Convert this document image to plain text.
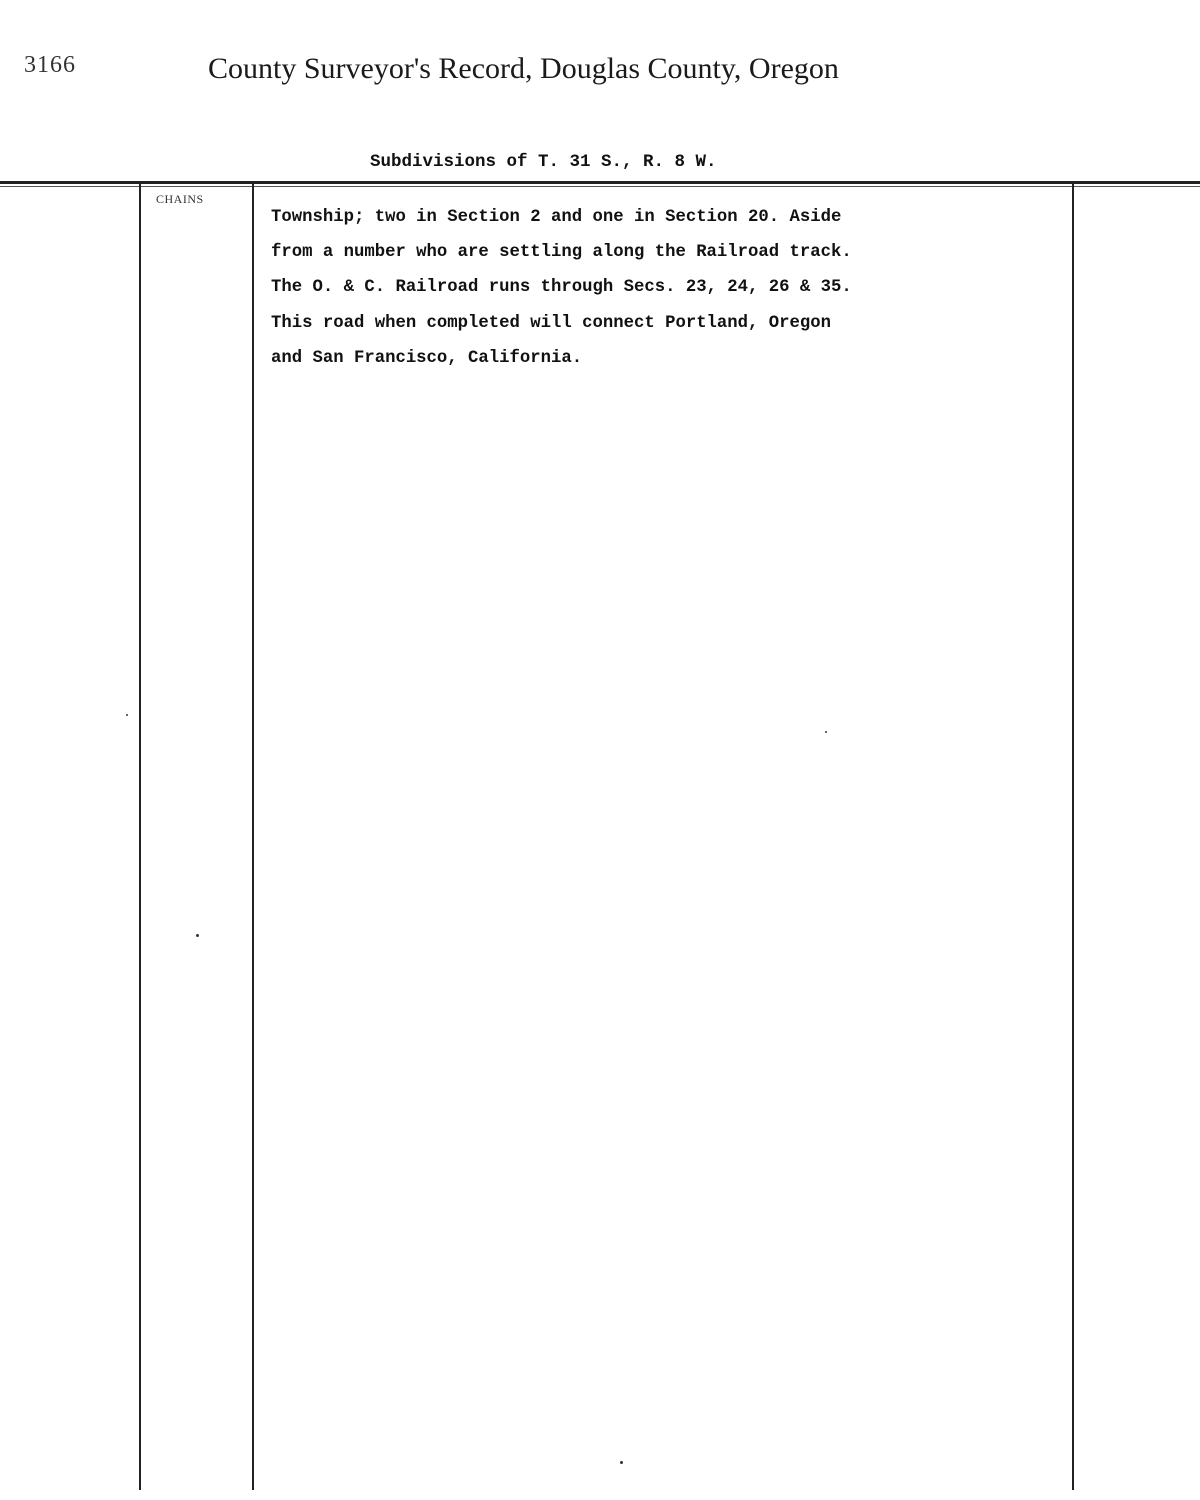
3166	County Surveyor's Record, Douglas County, Oregon
Subdivisions of T. 31 S., R. 8 W.
CHAINS
Township; two in Section 2 and one in Section 20. Aside
from a number who are settling along the Railroad track.
The O. & C. Railroad runs through Secs. 23, 24, 26 & 35.
This road when completed will connect Portland, Oregon
and San Francisco, California.
